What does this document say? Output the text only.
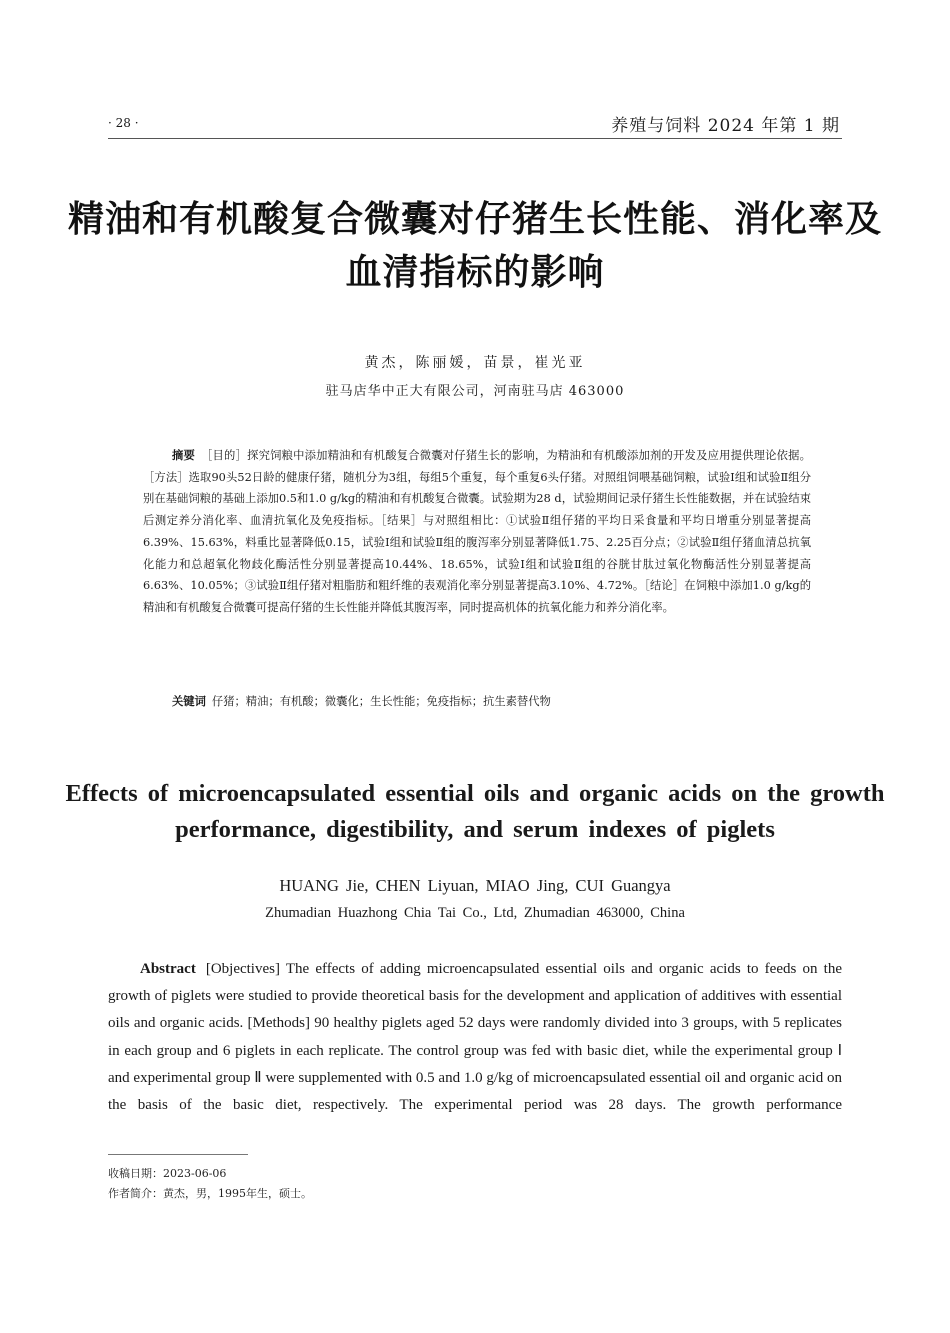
· 28 ·	养殖与饲料 2024 年第 1 期
精油和有机酸复合微囊对仔猪生长性能、消化率及血清指标的影响
黄杰，陈丽媛，苗景，崔光亚
驻马店华中正大有限公司，河南驻马店 463000
摘要 ［目的］探究饲粮中添加精油和有机酸复合微囊对仔猪生长的影响，为精油和有机酸添加剂的开发及应用提供理论依据。［方法］选取90头52日龄的健康仔猪，随机分为3组，每组5个重复，每个重复6头仔猪。对照组饲喂基础饲粮，试验Ⅰ组和试验Ⅱ组分别在基础饲粮的基础上添加0.5和1.0 g/kg的精油和有机酸复合微囊。试验期为28 d，试验期间记录仔猪生长性能数据，并在试验结束后测定养分消化率、血清抗氧化及免疫指标。［结果］与对照组相比：①试验Ⅱ组仔猪的平均日采食量和平均日增重分别显著提高6.39%、15.63%，料重比显著降低0.15，试验Ⅰ组和试验Ⅱ组的腹泻率分别显著降低1.75、2.25百分点；②试验Ⅱ组仔猪血清总抗氧化能力和总超氧化物歧化酶活性分别显著提高10.44%、18.65%，试验Ⅰ组和试验Ⅱ组的谷胱甘肽过氧化物酶活性分别显著提高6.63%、10.05%；③试验Ⅱ组仔猪对粗脂肪和粗纤维的表观消化率分别显著提高3.10%、4.72%。［结论］在饲粮中添加1.0 g/kg的精油和有机酸复合微囊可提高仔猪的生长性能并降低其腹泻率，同时提高机体的抗氧化能力和养分消化率。
关键词 仔猪；精油；有机酸；微囊化；生长性能；免疫指标；抗生素替代物
Effects of microencapsulated essential oils and organic acids on the growth performance, digestibility, and serum indexes of piglets
HUANG Jie, CHEN Liyuan, MIAO Jing, CUI Guangya
Zhumadian Huazhong Chia Tai Co., Ltd, Zhumadian 463000, China
Abstract [Objectives] The effects of adding microencapsulated essential oils and organic acids to feeds on the growth of piglets were studied to provide theoretical basis for the development and application of additives with essential oils and organic acids. [Methods] 90 healthy piglets aged 52 days were randomly divided into 3 groups, with 5 replicates in each group and 6 piglets in each replicate. The control group was fed with basic diet, while the experimental group Ⅰ and experimental group Ⅱ were supplemented with 0.5 and 1.0 g/kg of microencapsulated essential oil and organic acid on the basis of the basic diet, respectively. The experimental period was 28 days. The growth performance
收稿日期：2023-06-06
作者简介：黄杰，男，1995年生，硕士。
